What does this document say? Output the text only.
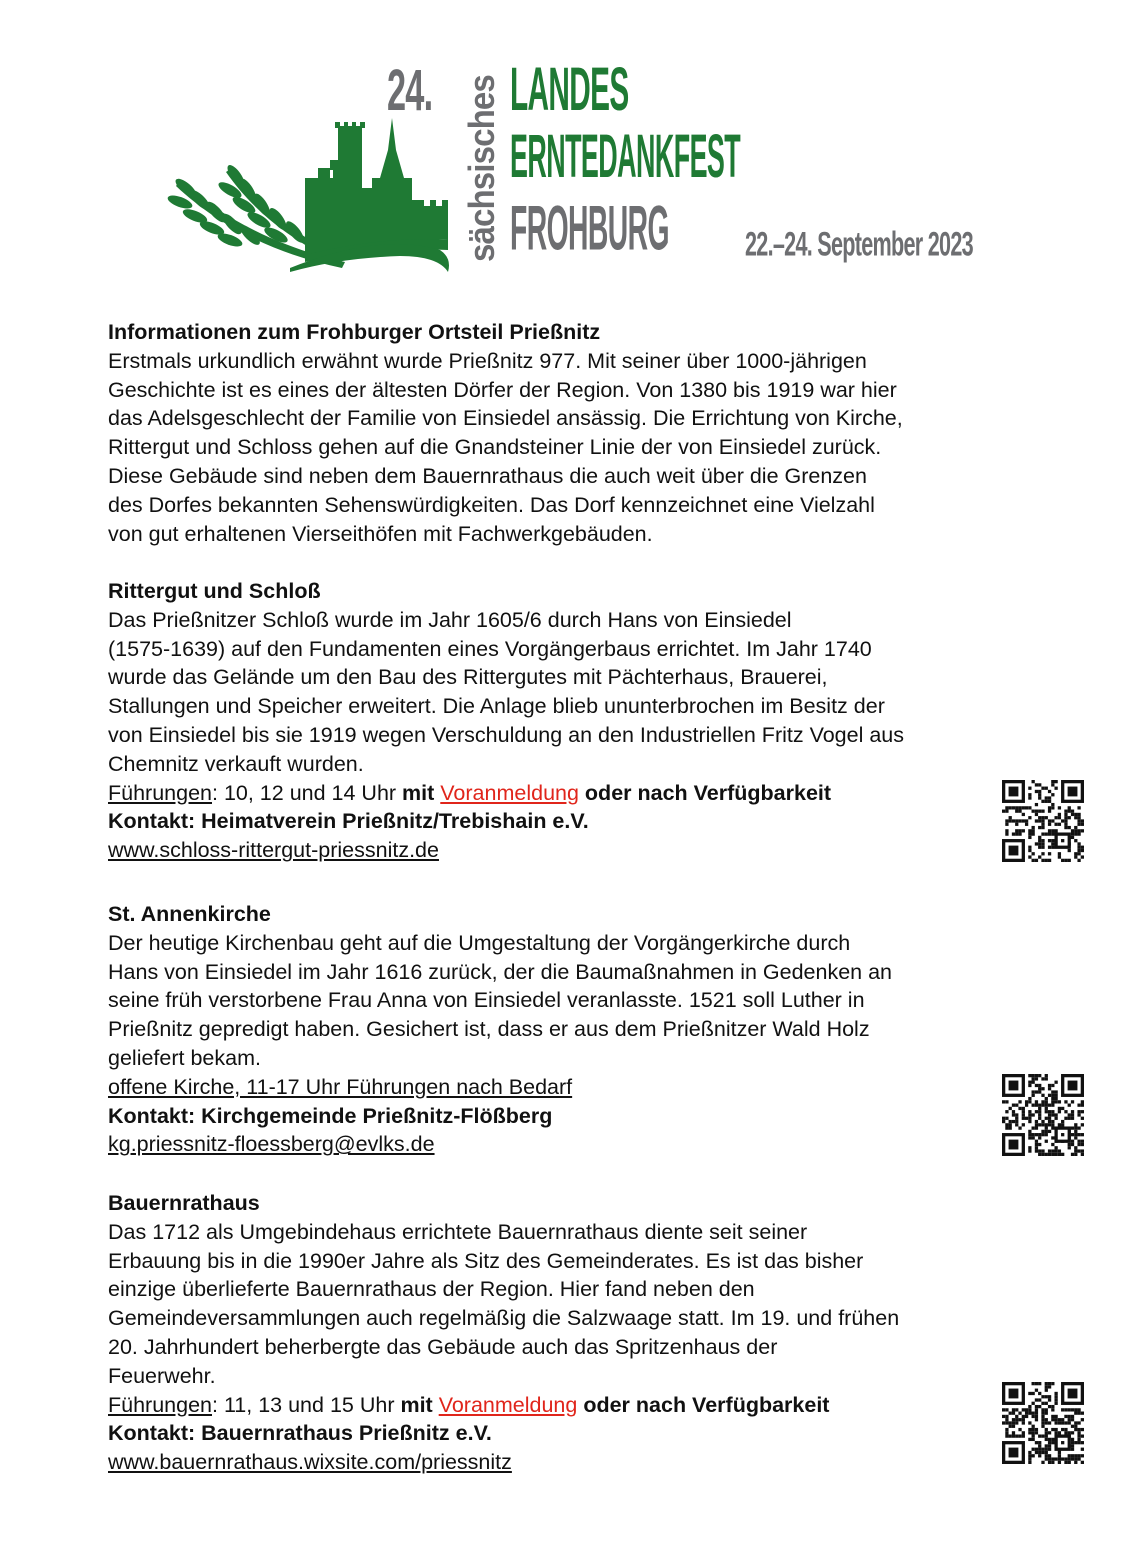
24. sächsisches LANDES
ERNTEDANKFEST
FROHBURG	22.–24. September 2023

Informationen zum Frohburger Ortsteil Prießnitz

Erstmals urkundlich erwähnt wurde Prießnitz 977. Mit seiner über 1000-jährigen

Geschichte ist es eines der ältesten Dörfer der Region. Von 1380 bis 1919 war hier

das Adelsgeschlecht der Familie von Einsiedel ansässig. Die Errichtung von Kirche,

Rittergut und Schloss gehen auf die Gnandsteiner Linie der von Einsiedel zurück.

Diese Gebäude sind neben dem Bauernrathaus die auch weit über die Grenzen

des Dorfes bekannten Sehenswürdigkeiten. Das Dorf kennzeichnet eine Vielzahl

von gut erhaltenen Vierseithöfen mit Fachwerkgebäuden.

Rittergut und Schloß

Das Prießnitzer Schloß wurde im Jahr 1605/6 durch Hans von Einsiedel

(1575-1639) auf den Fundamenten eines Vorgängerbaus errichtet. Im Jahr 1740

wurde das Gelände um den Bau des Rittergutes mit Pächterhaus, Brauerei,

Stallungen und Speicher erweitert. Die Anlage blieb ununterbrochen im Besitz der

von Einsiedel bis sie 1919 wegen Verschuldung an den Industriellen Fritz Vogel aus

Chemnitz verkauft wurden.

Führungen: 10, 12 und 14 Uhr mit Voranmeldung oder nach Verfügbarkeit

Kontakt: Heimatverein Prießnitz/Trebishain e.V.

www.schloss-rittergut-priessnitz.de

St. Annenkirche

Der heutige Kirchenbau geht auf die Umgestaltung der Vorgängerkirche durch

Hans von Einsiedel im Jahr 1616 zurück, der die Baumaßnahmen in Gedenken an

seine früh verstorbene Frau Anna von Einsiedel veranlasste. 1521 soll Luther in

Prießnitz gepredigt haben. Gesichert ist, dass er aus dem Prießnitzer Wald Holz

geliefert bekam.

offene Kirche, 11-17 Uhr Führungen nach Bedarf

Kontakt: Kirchgemeinde Prießnitz-Flößberg

kg.priessnitz-floessberg@evlks.de

Bauernrathaus

Das 1712 als Umgebindehaus errichtete Bauernrathaus diente seit seiner

Erbauung bis in die 1990er Jahre als Sitz des Gemeinderates. Es ist das bisher

einzige überlieferte Bauernrathaus der Region. Hier fand neben den

Gemeindeversammlungen auch regelmäßig die Salzwaage statt. Im 19. und frühen

20. Jahrhundert beherbergte das Gebäude auch das Spritzenhaus der

Feuerwehr.

Führungen: 11, 13 und 15 Uhr mit Voranmeldung oder nach Verfügbarkeit

Kontakt: Bauernrathaus Prießnitz e.V.

www.bauernrathaus.wixsite.com/priessnitz
